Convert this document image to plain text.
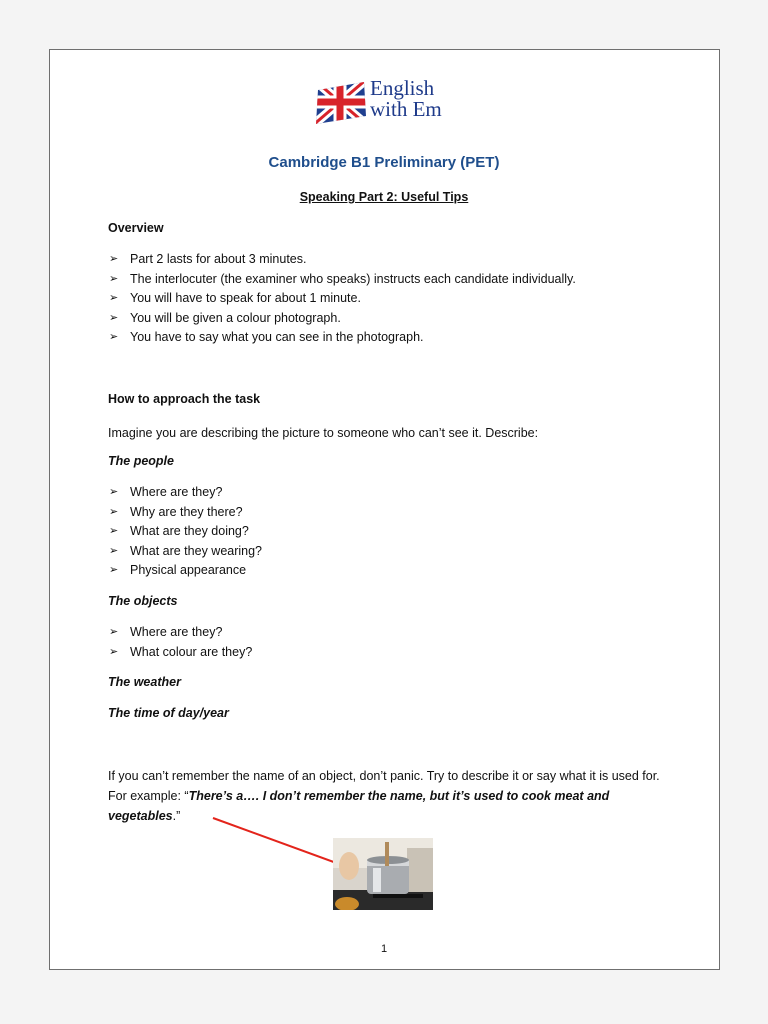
English
with Em
Cambridge B1 Preliminary (PET)
Speaking Part 2: Useful Tips
Overview
➢ Part 2 lasts for about 3 minutes.
➢ The interlocuter (the examiner who speaks) instructs each candidate individually.
➢ You will have to speak for about 1 minute.
➢ You will be given a colour photograph.
➢ You have to say what you can see in the photograph.
How to approach the task
Imagine you are describing the picture to someone who can’t see it. Describe:
The people
➢ Where are they?
➢ Why are they there?
➢ What are they doing?
➢ What are they wearing?
➢ Physical appearance
The objects
➢ Where are they?
➢ What colour are they?
The weather
The time of day/year
If you can’t remember the name of an object, don’t panic. Try to describe it or say what it is used for. For example: “There’s a…. I don’t remember the name, but it’s used to cook meat and vegetables.”
1
